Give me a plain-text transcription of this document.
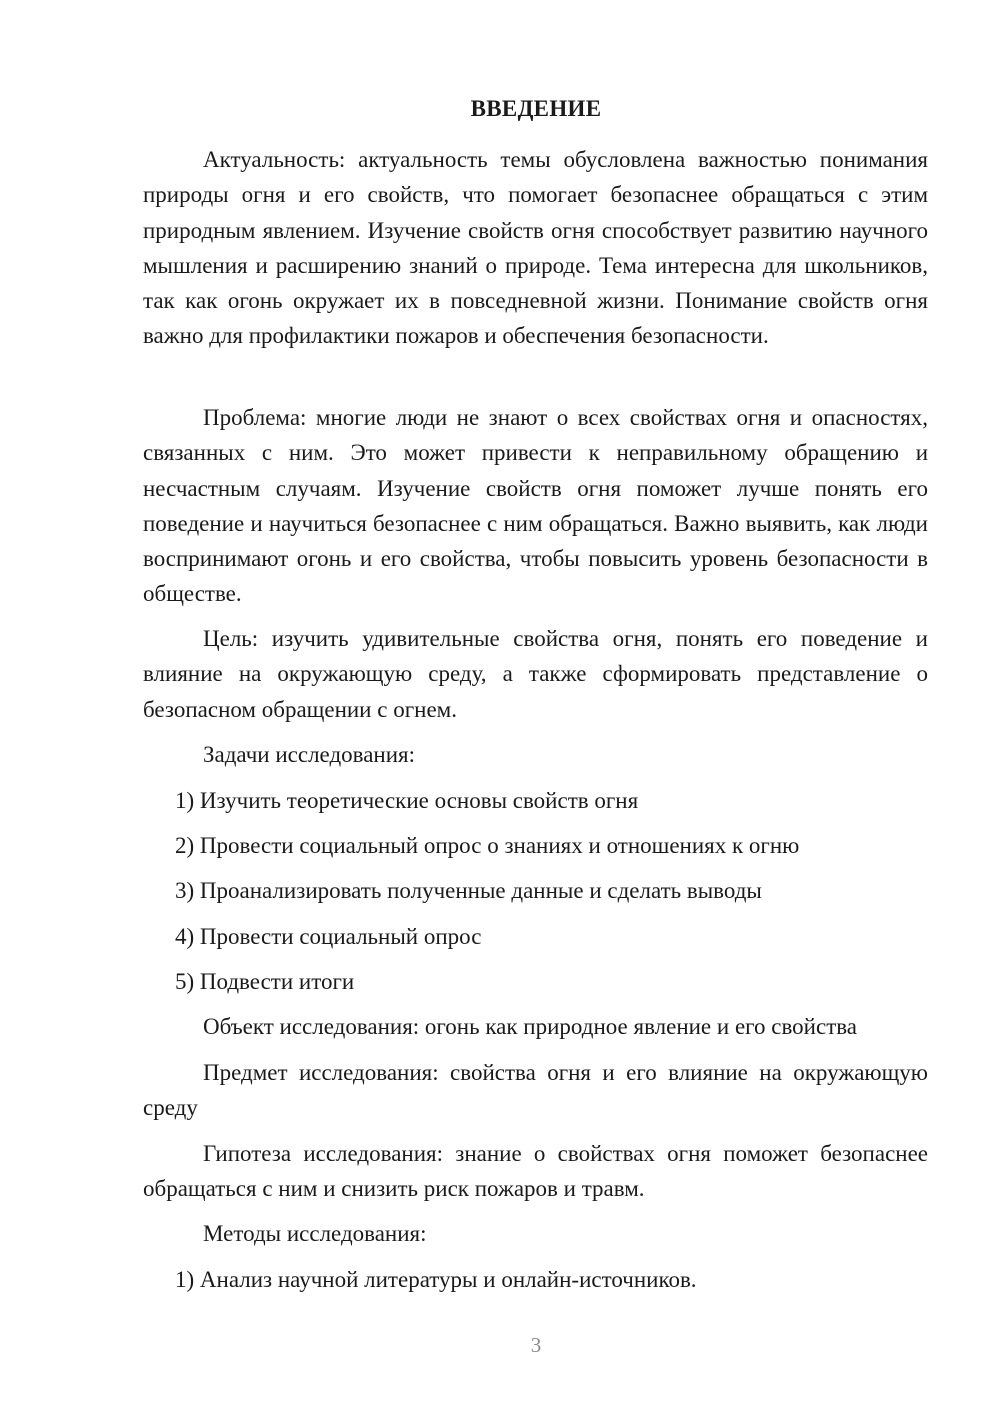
ВВЕДЕНИЕ
Актуальность: актуальность темы обусловлена важностью понимания природы огня и его свойств, что помогает безопаснее обращаться с этим природным явлением. Изучение свойств огня способствует развитию научного мышления и расширению знаний о природе. Тема интересна для школьников, так как огонь окружает их в повседневной жизни. Понимание свойств огня важно для профилактики пожаров и обеспечения безопасности.
Проблема: многие люди не знают о всех свойствах огня и опасностях, связанных с ним. Это может привести к неправильному обращению и несчастным случаям. Изучение свойств огня поможет лучше понять его поведение и научиться безопаснее с ним обращаться. Важно выявить, как люди воспринимают огонь и его свойства, чтобы повысить уровень безопасности в обществе.
Цель: изучить удивительные свойства огня, понять его поведение и влияние на окружающую среду, а также сформировать представление о безопасном обращении с огнем.
Задачи исследования:
1) Изучить теоретические основы свойств огня
2) Провести социальный опрос о знаниях и отношениях к огню
3) Проанализировать полученные данные и сделать выводы
4) Провести социальный опрос
5) Подвести итоги
Объект исследования: огонь как природное явление и его свойства
Предмет исследования: свойства огня и его влияние на окружающую среду
Гипотеза исследования: знание о свойствах огня поможет безопаснее обращаться с ним и снизить риск пожаров и травм.
Методы исследования:
1) Анализ научной литературы и онлайн-источников.
3
